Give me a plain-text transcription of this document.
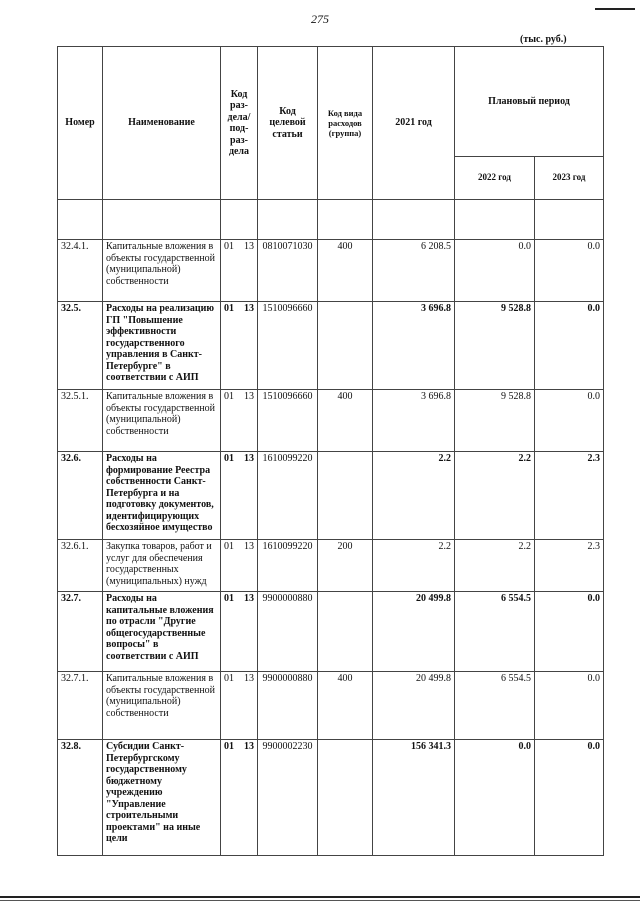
275
(тыс. руб.)
Номер	Наименование	Код раз-дела/ под-раз-дела	Код целевой статьи	Код вида расходов (группа)	2021 год	Плановый период	
						2022 год	2023 год

32.4.1.	Капитальные вложения в объекты государственной (муниципальной) собственности	01 13	0810071030	400	6 208.5	0.0	0.0
32.5.	Расходы на реализацию ГП "Повышение эффективности государственного управления в Санкт-Петербурге" в соответствии с АИП	01 13	1510096660		3 696.8	9 528.8	0.0
32.5.1.	Капитальные вложения в объекты государственной (муниципальной) собственности	01 13	1510096660	400	3 696.8	9 528.8	0.0
32.6.	Расходы на формирование Реестра собственности Санкт-Петербурга и на подготовку документов, идентифицирующих бесхозяйное имущество	01 13	1610099220		2.2	2.2	2.3
32.6.1.	Закупка товаров, работ и услуг для обеспечения государственных (муниципальных) нужд	01 13	1610099220	200	2.2	2.2	2.3
32.7.	Расходы на капитальные вложения по отрасли "Другие общегосударственные вопросы" в соответствии с АИП	01 13	9900000880		20 499.8	6 554.5	0.0
32.7.1.	Капитальные вложения в объекты государственной (муниципальной) собственности	01 13	9900000880	400	20 499.8	6 554.5	0.0
32.8.	Субсидии Санкт-Петербургскому государственному бюджетному учреждению "Управление строительными проектами" на иные цели	01 13	9900002230		156 341.3	0.0	0.0
